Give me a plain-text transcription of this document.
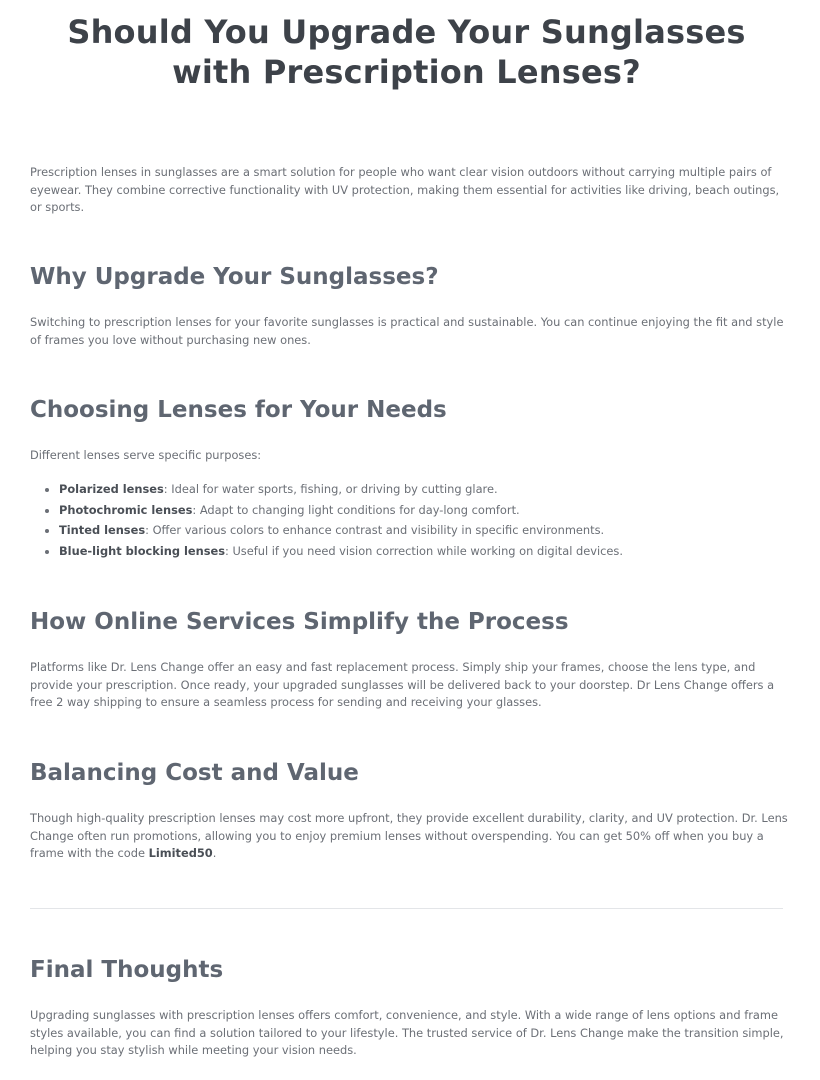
Should You Upgrade Your Sunglasses with Prescription Lenses?

Prescription lenses in sunglasses are a smart solution for people who want clear vision outdoors without carrying multiple pairs of eyewear. They combine corrective functionality with UV protection, making them essential for activities like driving, beach outings, or sports.

Why Upgrade Your Sunglasses?

Switching to prescription lenses for your favorite sunglasses is practical and sustainable. You can continue enjoying the fit and style of frames you love without purchasing new ones.

Choosing Lenses for Your Needs

Different lenses serve specific purposes:

• Polarized lenses: Ideal for water sports, fishing, or driving by cutting glare.
• Photochromic lenses: Adapt to changing light conditions for day-long comfort.
• Tinted lenses: Offer various colors to enhance contrast and visibility in specific environments.
• Blue-light blocking lenses: Useful if you need vision correction while working on digital devices.
How Online Services Simplify the Process

Platforms like Dr. Lens Change offer an easy and fast replacement process. Simply ship your frames, choose the lens type, and provide your prescription. Once ready, your upgraded sunglasses will be delivered back to your doorstep. Dr Lens Change offers a free 2 way shipping to ensure a seamless process for sending and receiving your glasses.

Balancing Cost and Value

Though high-quality prescription lenses may cost more upfront, they provide excellent durability, clarity, and UV protection. Dr. Lens Change often run promotions, allowing you to enjoy premium lenses without overspending. You can get 50% off when you buy a frame with the code Limited50.

Final Thoughts

Upgrading sunglasses with prescription lenses offers comfort, convenience, and style. With a wide range of lens options and frame styles available, you can find a solution tailored to your lifestyle. The trusted service of Dr. Lens Change make the transition simple, helping you stay stylish while meeting your vision needs.
